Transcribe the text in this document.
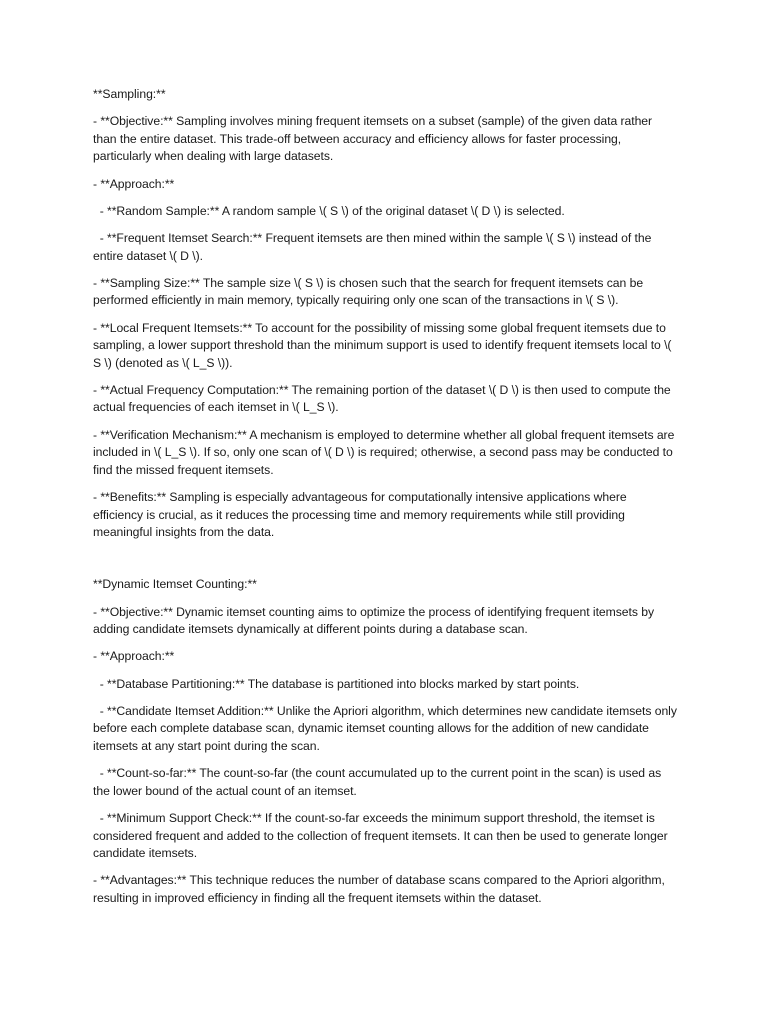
**Sampling:**

- **Objective:** Sampling involves mining frequent itemsets on a subset (sample) of the given data rather than the entire dataset. This trade-off between accuracy and efficiency allows for faster processing, particularly when dealing with large datasets.

- **Approach:**

- **Random Sample:** A random sample \( S \) of the original dataset \( D \) is selected.

- **Frequent Itemset Search:** Frequent itemsets are then mined within the sample \( S \) instead of the entire dataset \( D \).

- **Sampling Size:** The sample size \( S \) is chosen such that the search for frequent itemsets can be performed efficiently in main memory, typically requiring only one scan of the transactions in \( S \).

- **Local Frequent Itemsets:** To account for the possibility of missing some global frequent itemsets due to sampling, a lower support threshold than the minimum support is used to identify frequent itemsets local to \( S \) (denoted as \( L_S \)).

- **Actual Frequency Computation:** The remaining portion of the dataset \( D \) is then used to compute the actual frequencies of each itemset in \( L_S \).

- **Verification Mechanism:** A mechanism is employed to determine whether all global frequent itemsets are included in \( L_S \). If so, only one scan of \( D \) is required; otherwise, a second pass may be conducted to find the missed frequent itemsets.

- **Benefits:** Sampling is especially advantageous for computationally intensive applications where efficiency is crucial, as it reduces the processing time and memory requirements while still providing meaningful insights from the data.

**Dynamic Itemset Counting:**

- **Objective:** Dynamic itemset counting aims to optimize the process of identifying frequent itemsets by adding candidate itemsets dynamically at different points during a database scan.

- **Approach:**

- **Database Partitioning:** The database is partitioned into blocks marked by start points.

- **Candidate Itemset Addition:** Unlike the Apriori algorithm, which determines new candidate itemsets only before each complete database scan, dynamic itemset counting allows for the addition of new candidate itemsets at any start point during the scan.

- **Count-so-far:** The count-so-far (the count accumulated up to the current point in the scan) is used as the lower bound of the actual count of an itemset.

- **Minimum Support Check:** If the count-so-far exceeds the minimum support threshold, the itemset is considered frequent and added to the collection of frequent itemsets. It can then be used to generate longer candidate itemsets.

- **Advantages:** This technique reduces the number of database scans compared to the Apriori algorithm, resulting in improved efficiency in finding all the frequent itemsets within the dataset.
